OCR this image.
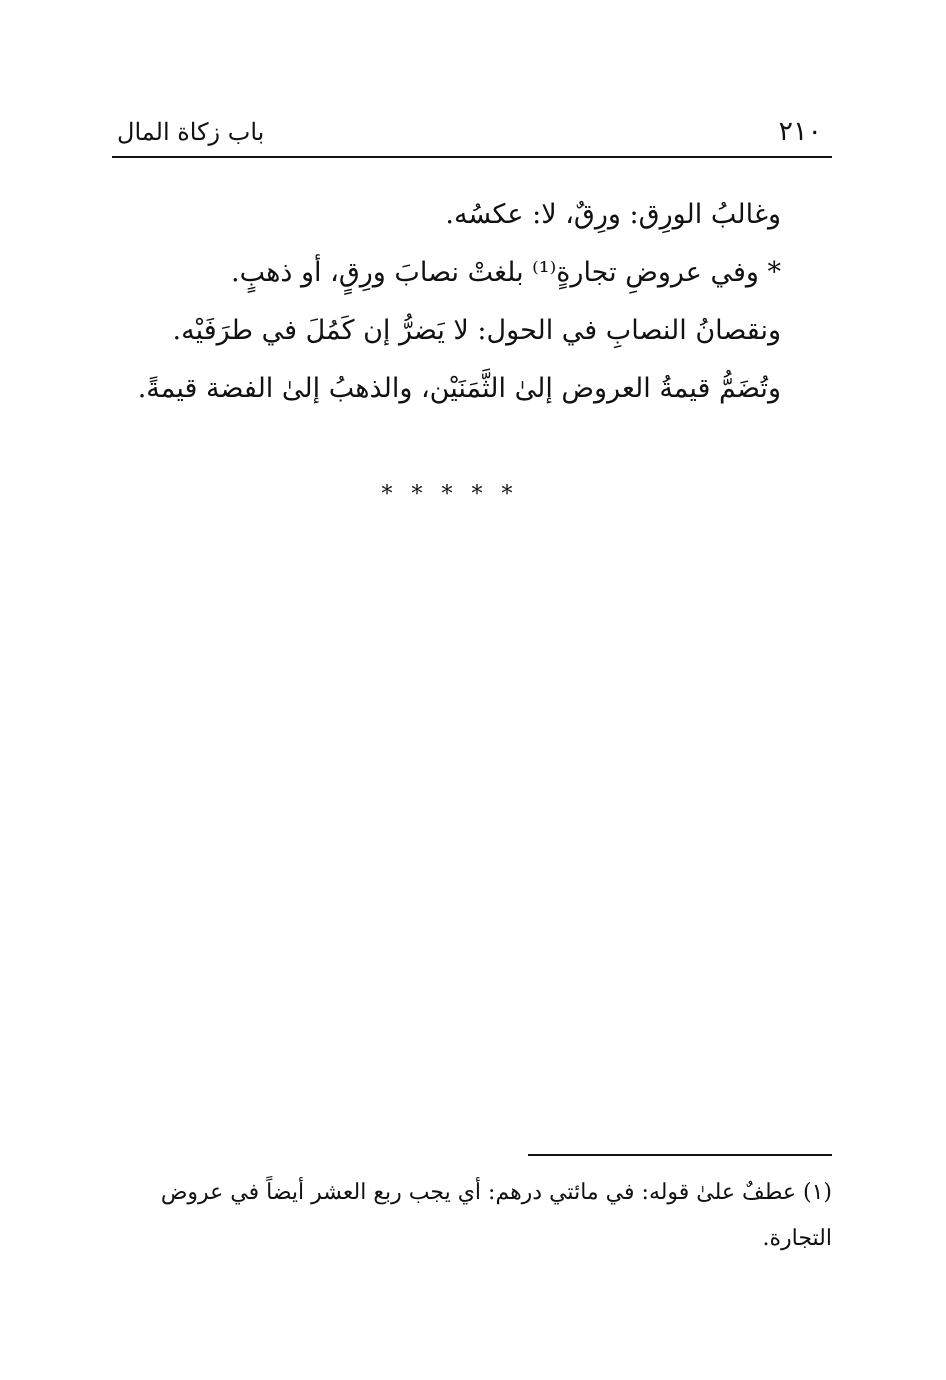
٢١٠
باب زكاة المال
وغالبُ الورِق: ورِقٌ، لا: عكسُه.
* وفي عروضِ تجارةٍ⁽¹⁾ بلغتْ نصابَ ورِقٍ، أو ذهبٍ.
ونقصانُ النصابِ في الحول: لا يَضرُّ إن كَمُلَ في طرَفَيْه.
وتُضَمُّ قيمةُ العروض إلىٰ الثَّمَنَيْن، والذهبُ إلىٰ الفضة قيمةً.
* * * * *
(١) عطفٌ علىٰ قوله: في مائتي درهم: أي يجب ربع العشر أيضاً في عروض
التجارة.
